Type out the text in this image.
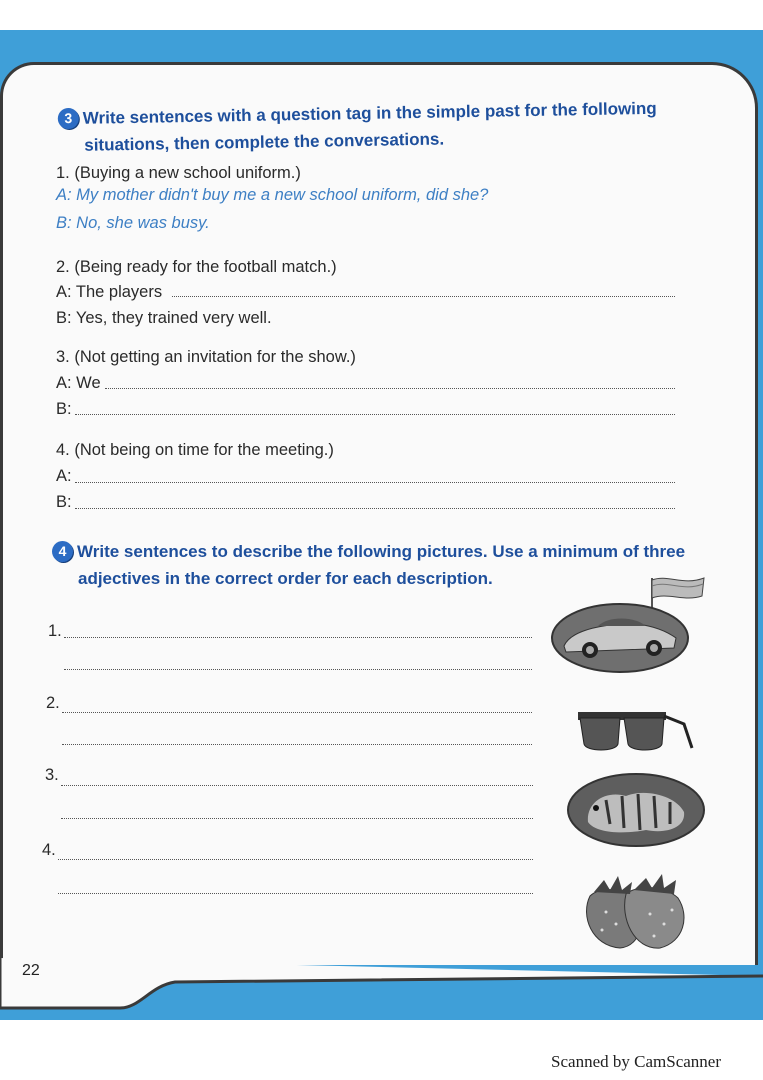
3 Write sentences with a question tag in the simple past for the following
situations, then complete the conversations.
1. (Buying a new school uniform.)
A: My mother didn't buy me a new school uniform, did she?
B: No, she was busy.
2. (Being ready for the football match.)
A: The players
B: Yes, they trained very well.
3. (Not getting an invitation for the show.)
A: We
B:
4. (Not being on time for the meeting.)
A:
B:
4 Write sentences to describe the following pictures. Use a minimum of three
adjectives in the correct order for each description.
1.
2.
3.
4.
22
Scanned by CamScanner
